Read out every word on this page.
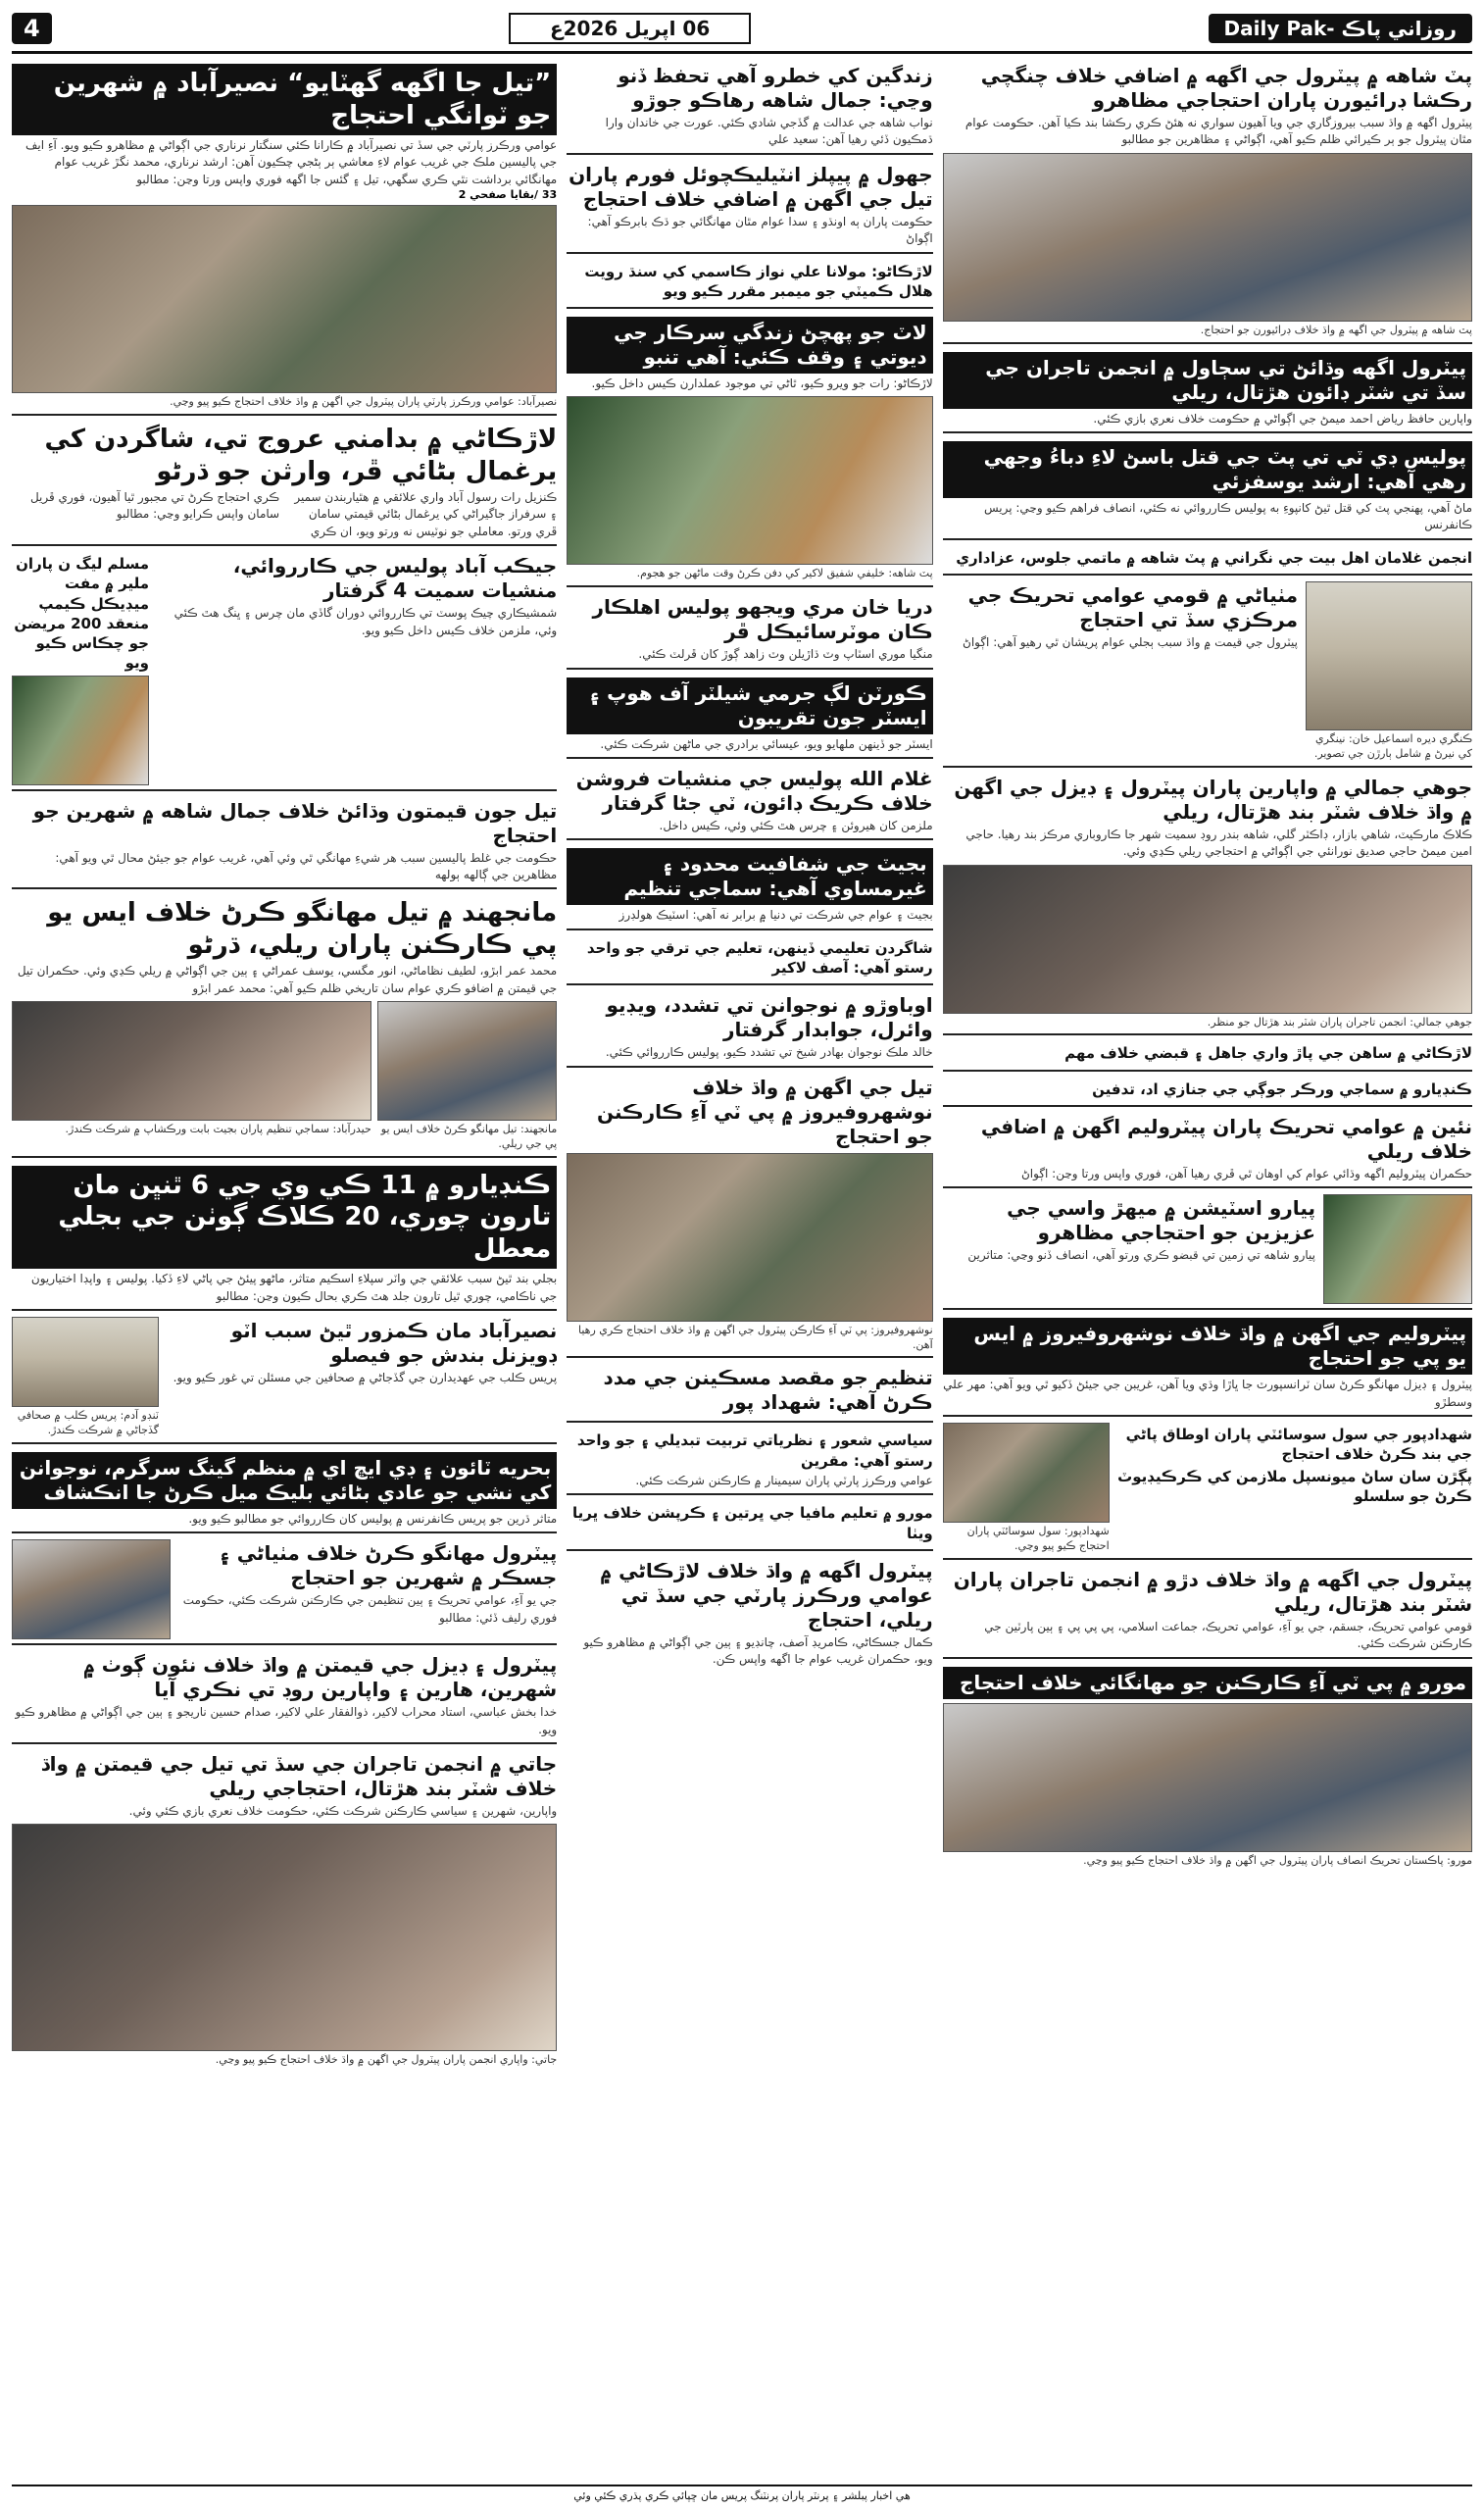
4	06 اپريل 2026ع	روزاني پاڪ -Daily Pak
”تيل جا اگهه گهٽايو“ نصيرآباد ۾ شهرين جو ٽوانگي احتجاج
عوامي ورڪرز پارٽي جي سڏ تي نصيرآباد ۾ ڪارانا ڪئي سنگتار نرناري جي اڳواڻي ۾ مظاهرو ڪيو ويو. آءِ ايف جي پاليسين ملڪ جي غريب عوام لاءِ معاشي ٻر ٻڻجي چڪيون آهن: ارشد نرناري، محمد نگڙ غريب عوام مهانگائي برداشت نٿي ڪري سگهي، تيل ۽ گئس جا اگهه فوري واپس ورتا وڃن: مطالبو
33 /بقايا صفحي 2
نصيرآباد: عوامي ورڪرز پارٽي پاران پيٽرول جي اگهن ۾ واڌ خلاف احتجاج ڪيو پيو وڃي.
لاڙڪاڻي ۾ بدامني عروج تي، شاگردن کي يرغمال بڻائي ڦر، وارثن جو ڌرڻو
ڪنزيل رات رسول آباد واري علائقي ۾ هٿياربندن سمير ۽ سرفراز جاگيراڻي کي يرغمال بڻائي قيمتي سامان ڦري ورتو. معاملي جو نوٽيس نه ورتو ويو، ان ڪري ڪري احتجاج ڪرڻ تي مجبور ٿيا آهيون، فوري ڦريل سامان واپس ڪرايو وڃي: مطالبو
جيڪب آباد پوليس جي ڪارروائي، منشيات سميت 4 گرفتار
شمشيڪاري چيڪ پوسٽ تي ڪارروائي دوران گاڏي مان چرس ۽ ڀنگ هٿ ڪئي وئي، ملزمن خلاف ڪيس داخل ڪيو ويو.
مسلم ليگ ن پاران ملير ۾ مفت ميڊيڪل ڪيمپ منعقد 200 مريضن جو چڪاس ڪيو ويو
تيل جون قيمتون وڌائڻ خلاف جمال شاهه ۾ شهرين جو احتجاج
حڪومت جي غلط پاليسين سبب هر شيءِ مهانگي ٿي وئي آهي، غريب عوام جو جيئڻ محال ٿي ويو آهي: مظاهرين جي ڳالهه ٻولهه
مانجهند ۾ تيل مهانگو ڪرڻ خلاف ايس يو پي ڪارڪنن پاران ريلي، ڌرڻو
محمد عمر ابڙو، لطيف نظاماڻي، انور مگسي، يوسف عمراڻي ۽ ٻين جي اڳواڻي ۾ ريلي ڪڍي وئي. حڪمران تيل جي قيمتن ۾ اضافو ڪري عوام سان تاريخي ظلم ڪيو آهي: محمد عمر ابڙو
مانجهند: تيل مهانگو ڪرڻ خلاف ايس يو پي جي ريلي.
حيدرآباد: سماجي تنظيم پاران بجيٽ بابت ورڪشاپ ۾ شرڪت ڪندڙ.
ڪنڊيارو ۾ 11 ڪي وي جي 6 ٿنڀن مان تارون چوري، 20 ڪلاڪ ڳوٺن جي بجلي معطل
بجلي بند ٿيڻ سبب علائقي جي واٽر سپلاءِ اسڪيم متاثر، ماڻهو پيئڻ جي پاڻي لاءِ ڏکيا. پوليس ۽ واپڊا اختياريون جي ناڪامي، چوري ٿيل تارون جلد هٿ ڪري بحال ڪيون وڃن: مطالبو
نصيرآباد مان ڪمزور ٿيڻ سبب اٽو ڊويزنل بندش جو فيصلو
پريس ڪلب جي عهديدارن جي گڏجاڻي ۾ صحافين جي مسئلن تي غور ڪيو ويو.
ٽنڊو آدم: پريس ڪلب ۾ صحافي گڏجاڻي ۾ شرڪت ڪندڙ.
بحريه ٽائون ۽ ڊي ايڇ اي ۾ منظم گينگ سرگرم، نوجوانن کي نشي جو عادي بڻائي بليڪ ميل ڪرڻ جا انڪشاف
متاثر ڌرين جو پريس ڪانفرنس ۾ پوليس کان ڪارروائي جو مطالبو ڪيو ويو.
پيٽرول مهانگو ڪرڻ خلاف مٺياڻي ۽ جسڪر ۾ شهرين جو احتجاج
جي يو آءِ، عوامي تحريڪ ۽ ٻين تنظيمن جي ڪارڪنن شرڪت ڪئي، حڪومت فوري رليف ڏئي: مطالبو
پيٽرول ۽ ڊيزل جي قيمتن ۾ واڌ خلاف نئون ڳوٺ ۾ شهرين، هارين ۽ واپارين روڊ تي نڪري آيا
خدا بخش عباسي، استاد محراب لاکير، ذوالفقار علي لاکير، صدام حسين ناريجو ۽ ٻين جي اڳواڻي ۾ مظاهرو ڪيو ويو.
جاتي ۾ انجمن تاجران جي سڏ تي تيل جي قيمتن ۾ واڌ خلاف شٽر بند هڙتال، احتجاجي ريلي
واپارين، شهرين ۽ سياسي ڪارڪنن شرڪت ڪئي، حڪومت خلاف نعري بازي ڪئي وئي.
جاتي: واپاري انجمن پاران پيٽرول جي اگهن ۾ واڌ خلاف احتجاج ڪيو پيو وڃي.
زندگين کي خطرو آهي تحفظ ڏنو وڃي: جمال شاهه رهاڪو جوڙو
نواب شاهه جي عدالت ۾ گڏجي شادي ڪئي. عورت جي خاندان وارا ڌمڪيون ڏئي رهيا آهن: سعيد علي
جهول ۾ پيپلز انٽيليڪچوئل فورم پاران تيل جي اگهن ۾ اضافي خلاف احتجاج
حڪومت پاران ٻه اونڌو ۽ سدا عوام مٿان مهانگائي جو ڌڪ بابرڪو آهي: اڳواڻ
لاڙڪاڻو: مولانا علي نواز ڪاسمي کي سنڌ رويت هلال ڪميٽي جو ميمبر مقرر ڪيو ويو
لاٽ جو پهچڻ زندگي سرڪار جي ديوتي ۽ وقف ڪئي: آهي تنبو
لاڙڪاڻو: رات جو ويرو ڪيو، ٿاڻي تي موجود عملدارن ڪيس داخل ڪيو.
پٽ شاهه: خليفي شفيق لاکير کي دفن ڪرڻ وقت ماڻهن جو هجوم.
دريا خان مري ويجهو پوليس اهلڪار ڪان موٽرسائيڪل ڦر
منگيا موري اسٽاپ وٽ ڌاڙيلن وٽ زاهد ڳوڙ کان ڦرلٽ ڪئي.
ڪورٽن لڳ جرمي شيلٽر آف هوپ ۽ ايسٽر جون تقريبون
ايسٽر جو ڏينهن ملهايو ويو، عيسائي برادري جي ماڻهن شرڪت ڪئي.
غلام الله پوليس جي منشيات فروشن خلاف ڪريڪ ڊائون، ٽي جڻا گرفتار
ملزمن کان هيروئن ۽ چرس هٿ ڪئي وئي، ڪيس داخل.
بجيٽ جي شفافيت محدود ۽ غيرمساوي آهي: سماجي تنظيم
بجيٽ ۽ عوام جي شرڪت تي دنيا ۾ برابر نه آهي: اسٽيڪ هولڊرز
شاگردن تعليمي ڏينهن، تعليم جي ترقي جو واحد رستو آهي: آصف لاکير
اوباوڙو ۾ نوجوانن تي تشدد، ويڊيو وائرل، جوابدار گرفتار
خالد ملڪ نوجوان بهادر شيخ تي تشدد ڪيو، پوليس ڪارروائي ڪئي.
تيل جي اگهن ۾ واڌ خلاف نوشهروفيروز ۾ پي ٽي آءِ ڪارڪنن جو احتجاج
نوشهروفيروز: پي ٽي آءِ ڪارڪن پيٽرول جي اگهن ۾ واڌ خلاف احتجاج ڪري رهيا آهن.
تنظيم جو مقصد مسڪينن جي مدد ڪرڻ آهي: شهداد پور
سياسي شعور ۽ نظرياتي تربيت تبديلي ۽ جو واحد رستو آهي: مقرين
عوامي ورڪرز پارٽي پاران سيمينار ۾ ڪارڪنن شرڪت ڪئي.
مورو ۾ تعليم مافيا جي ڀرتين ۽ ڪرپشن خلاف ڀريا ويٺا
پيٽرول اگهه ۾ واڌ خلاف لاڙڪاڻي ۾ عوامي ورڪرز پارٽي جي سڏ تي ريلي، احتجاج
ڪمال جسڪاڻي، ڪامريڊ آصف، چانڊيو ۽ ٻين جي اڳواڻي ۾ مظاهرو ڪيو ويو، حڪمران غريب عوام جا اگهه واپس ڪن.
پٽ شاهه ۾ پيٽرول جي اگهه ۾ اضافي خلاف چنگچي رڪشا ڊرائيورن پاران احتجاجي مظاهرو
پيٽرول اگهه ۾ واڌ سبب بيروزگاري جي ويا آهيون سواري نه هئڻ ڪري رڪشا بند ڪيا آهن. حڪومت عوام مٿان پيٽرول جو ٻر ڪيرائي ظلم ڪيو آهي، اڳواڻي ۽ مظاهرين جو مطالبو
پٽ شاهه ۾ پيٽرول جي اگهه ۾ واڌ خلاف ڊرائيورن جو احتجاج.
پيٽرول اگهه وڌائڻ تي سڄاول ۾ انجمن تاجران جي سڏ تي شٽر ڊائون هڙتال، ريلي
واپارين حافظ رياض احمد ميمڻ جي اڳواڻي ۾ حڪومت خلاف نعري بازي ڪئي.
پوليس ڊي ٽي تي پٽ جي قتل باسڻ لاءِ دباءُ وجهي رهي آهي: ارشد يوسفزئي
ماڻ آهي، پهنجي پٽ کي قتل ٿيڻ کانپوءِ به پوليس ڪارروائي نه ڪئي، انصاف فراهم ڪيو وڃي: پريس ڪانفرنس
انجمن غلامان اهل بيت جي نگراني ۾ پٽ شاهه ۾ ماتمي جلوس، عزاداري
ڪنگري ديره اسماعيل خان: نينگري کي نيرڻ ۾ شامل ٻارڙن جي تصوير.
مٺياڻي ۾ قومي عوامي تحريڪ جي مرڪزي سڏ تي احتجاج
پيٽرول جي قيمت ۾ واڌ سبب ٻجلي عوام پريشان ٿي رهيو آهي: اڳواڻ
جوهي جمالي ۾ واپارين پاران پيٽرول ۽ ڊيزل جي اگهن ۾ واڌ خلاف شٽر بند هڙتال، ريلي
ڪلاڪ مارڪيٽ، شاهي بازار، ڊاڪٽر گلي، شاهه بندر روڊ سميت شهر جا ڪاروباري مرڪز بند رهيا. حاجي امين ميمڻ حاجي صديق نورانئي جي اڳواڻي ۾ احتجاجي ريلي ڪڍي وئي.
جوهي جمالي: انجمن تاجران پاران شٽر بند هڙتال جو منظر.
لاڙڪاڻي ۾ ساهن جي پاڙ واري جاهل ۽ قبضي خلاف مهم
ڪنڊيارو ۾ سماجي ورڪر جوڳي جي جنازي اد، تدفين
نئين ۾ عوامي تحريڪ پاران پيٽروليم اگهن ۾ اضافي خلاف ريلي
حڪمران پيٽروليم اگهه وڌائي عوام کي اوهان ٿي ڦري رهيا آهن، فوري واپس ورتا وڃن: اڳواڻ
پيارو اسٽيشن ۾ ميهڙ واسي جي عزيزين جو احتجاجي مظاهرو
پيارو شاهه تي زمين تي قبضو ڪري ورتو آهي، انصاف ڏنو وڃي: متاثرين
پيٽروليم جي اگهن ۾ واڌ خلاف نوشهروفيروز ۾ ايس يو پي جو احتجاج
پيٽرول ۽ ڊيزل مهانگو ڪرڻ سان ٽرانسپورٽ جا ڀاڙا وڌي ويا آهن، غريبن جي جيئڻ ڏکيو ٿي ويو آهي: مهر علي وسطڙو
شهدادپور جي سول سوسائٽي پاران اوطاق پاڻي جي بند ڪرڻ خلاف احتجاج
پڳڙن سان ساڻ ميونسپل ملازمن کي ڪرڪيڊيوٽ ڪرڻ جو سلسلو
شهدادپور: سول سوسائٽي پاران احتجاج ڪيو پيو وڃي.
پيٽرول جي اگهه ۾ واڌ خلاف دڙو ۾ انجمن تاجران پاران شٽر بند هڙتال، ريلي
قومي عوامي تحريڪ، جسقم، جي يو آءِ، عوامي تحريڪ، جماعت اسلامي، پي پي پي ۽ ٻين پارٽين جي ڪارڪنن شرڪت ڪئي.
مورو ۾ پي ٽي آءِ ڪارڪنن جو مهانگائي خلاف احتجاج
مورو: پاڪستان تحريڪ انصاف پاران پيٽرول جي اگهن ۾ واڌ خلاف احتجاج ڪيو پيو وڃي.
هي اخبار پبلشر ۽ پرنٽر پاران پرنٽنگ پريس مان ڇپائي ڪري پڌري ڪئي وئي
